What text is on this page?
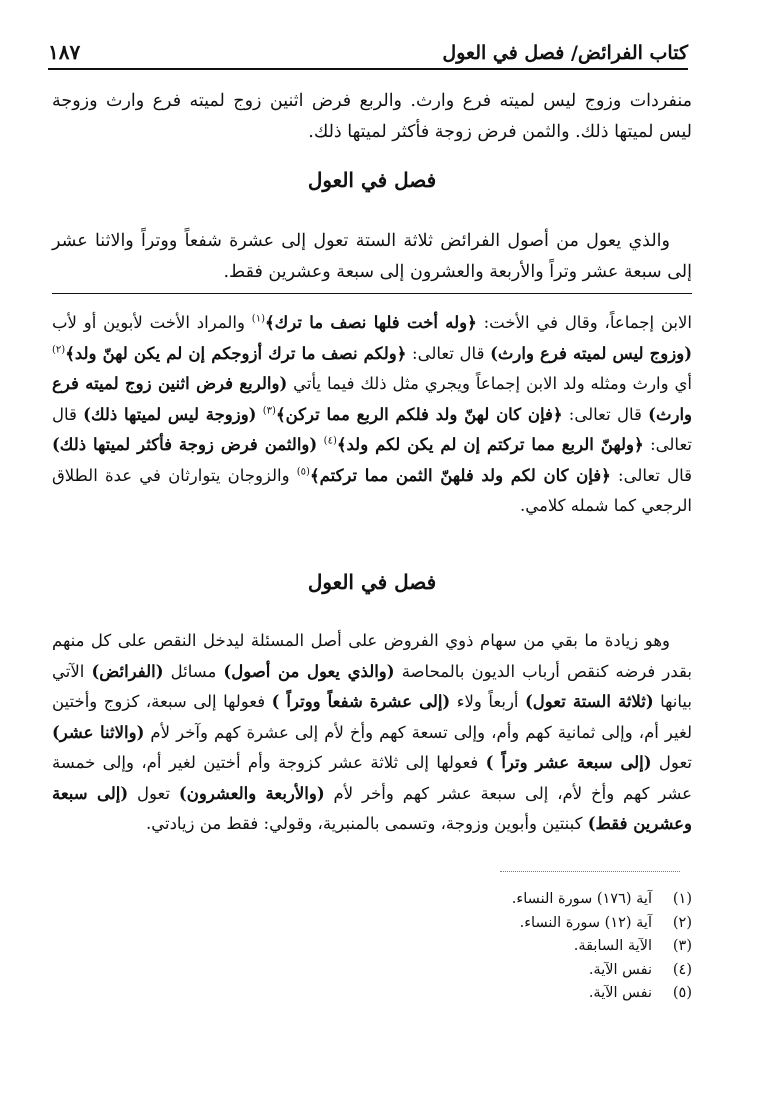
كتاب الفرائض/ فصل في العول
١٨٧

منفردات وزوج ليس لميته فرع وارث. والربع فرض اثنين زوج لميته فرع وارث وزوجة ليس لميتها ذلك. والثمن فرض زوجة فأكثر لميتها ذلك.

فصل في العول

والذي يعول من أصول الفرائض ثلاثة الستة تعول إلى عشرة شفعاً ووتراً والاثنا عشر إلى سبعة عشر وتراً والأربعة والعشرون إلى سبعة وعشرين فقط.

الابن إجماعاً، وقال في الأخت: ﴿وله أخت فلها نصف ما ترك﴾$^{(١)}$ والمراد الأخت لأبوين أو لأب (وزوج ليس لميته فرع وارث) قال تعالى: ﴿ولكم نصف ما ترك أزوجكم إن لم يكن لهنّ ولد﴾$^{(٢)}$ أي وارث ومثله ولد الابن إجماعاً ويجري مثل ذلك فيما يأتي (والربع فرض اثنين زوج لميته فرع وارث) قال تعالى: ﴿فإن كان لهنّ ولد فلكم الربع مما تركن﴾$^{(٣)}$ (وزوجة ليس لميتها ذلك) قال تعالى: ﴿ولهنّ الربع مما تركتم إن لم يكن لكم ولد﴾$^{(٤)}$ (والثمن فرض زوجة فأكثر لميتها ذلك) قال تعالى: ﴿فإن كان لكم ولد فلهنّ الثمن مما تركتم﴾$^{(٥)}$ والزوجان يتوارثان في عدة الطلاق الرجعي كما شمله كلامي.

فصل في العول

وهو زيادة ما بقي من سهام ذوي الفروض على أصل المسئلة ليدخل النقص على كل منهم بقدر فرضه كنقص أرباب الديون بالمحاصة (والذي يعول من أصول) مسائل (الفرائض) الآتي بيانها (ثلاثة الستة تعول) أربعاً ولاء (إلى عشرة شفعاً ووتراً ) فعولها إلى سبعة، كزوج وأختين لغير أم، وإلى ثمانية كهم وأم، وإلى تسعة كهم وأخ لأم إلى عشرة كهم وآخر لأم (والاثنا عشر) تعول (إلى سبعة عشر وتراً ) فعولها إلى ثلاثة عشر كزوجة وأم أختين لغير أم، وإلى خمسة عشر كهم وأخ لأم، إلى سبعة عشر كهم وأخر لأم (والأربعة والعشرون) تعول (إلى سبعة وعشرين فقط) كبنتين وأبوين وزوجة، وتسمى بالمنبرية، وقولي: فقط من زيادتي.

(١)
آية (١٧٦) سورة النساء.
(٢)
آية (١٢) سورة النساء.
(٣)
الآية السابقة.
(٤)
نفس الآية.
(٥)
نفس الآية.
